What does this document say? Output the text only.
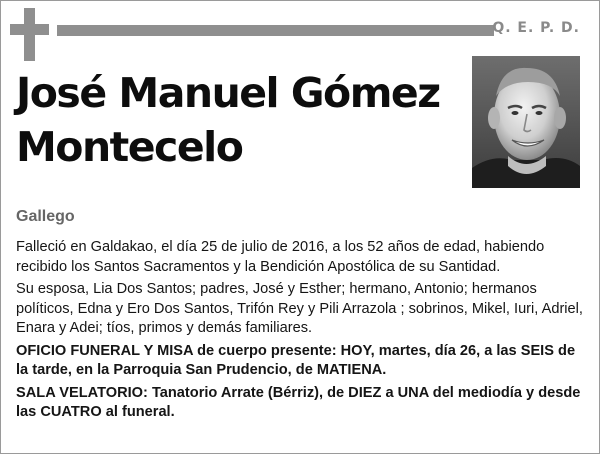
Q. E. P. D.
José Manuel Gómez
Montecelo
Gallego

Falleció en Galdakao, el día 25 de julio de 2016, a los 52 años de edad, habiendo recibido los Santos Sacramentos y la Bendición Apostólica de su Santidad.

Su esposa, Lia Dos Santos; padres, José y Esther; hermano, Antonio; hermanos políticos, Edna y Ero Dos Santos, Trifón Rey y Pili Arrazola ; sobrinos, Mikel, Iuri, Adriel, Enara y Adei; tíos, primos y demás familiares.

OFICIO FUNERAL Y MISA de cuerpo presente: HOY, martes, día 26, a las SEIS de la tarde, en la Parroquia San Prudencio, de MATIENA.

SALA VELATORIO: Tanatorio Arrate (Bérriz), de DIEZ a UNA del mediodía y desde las CUATRO al funeral.
